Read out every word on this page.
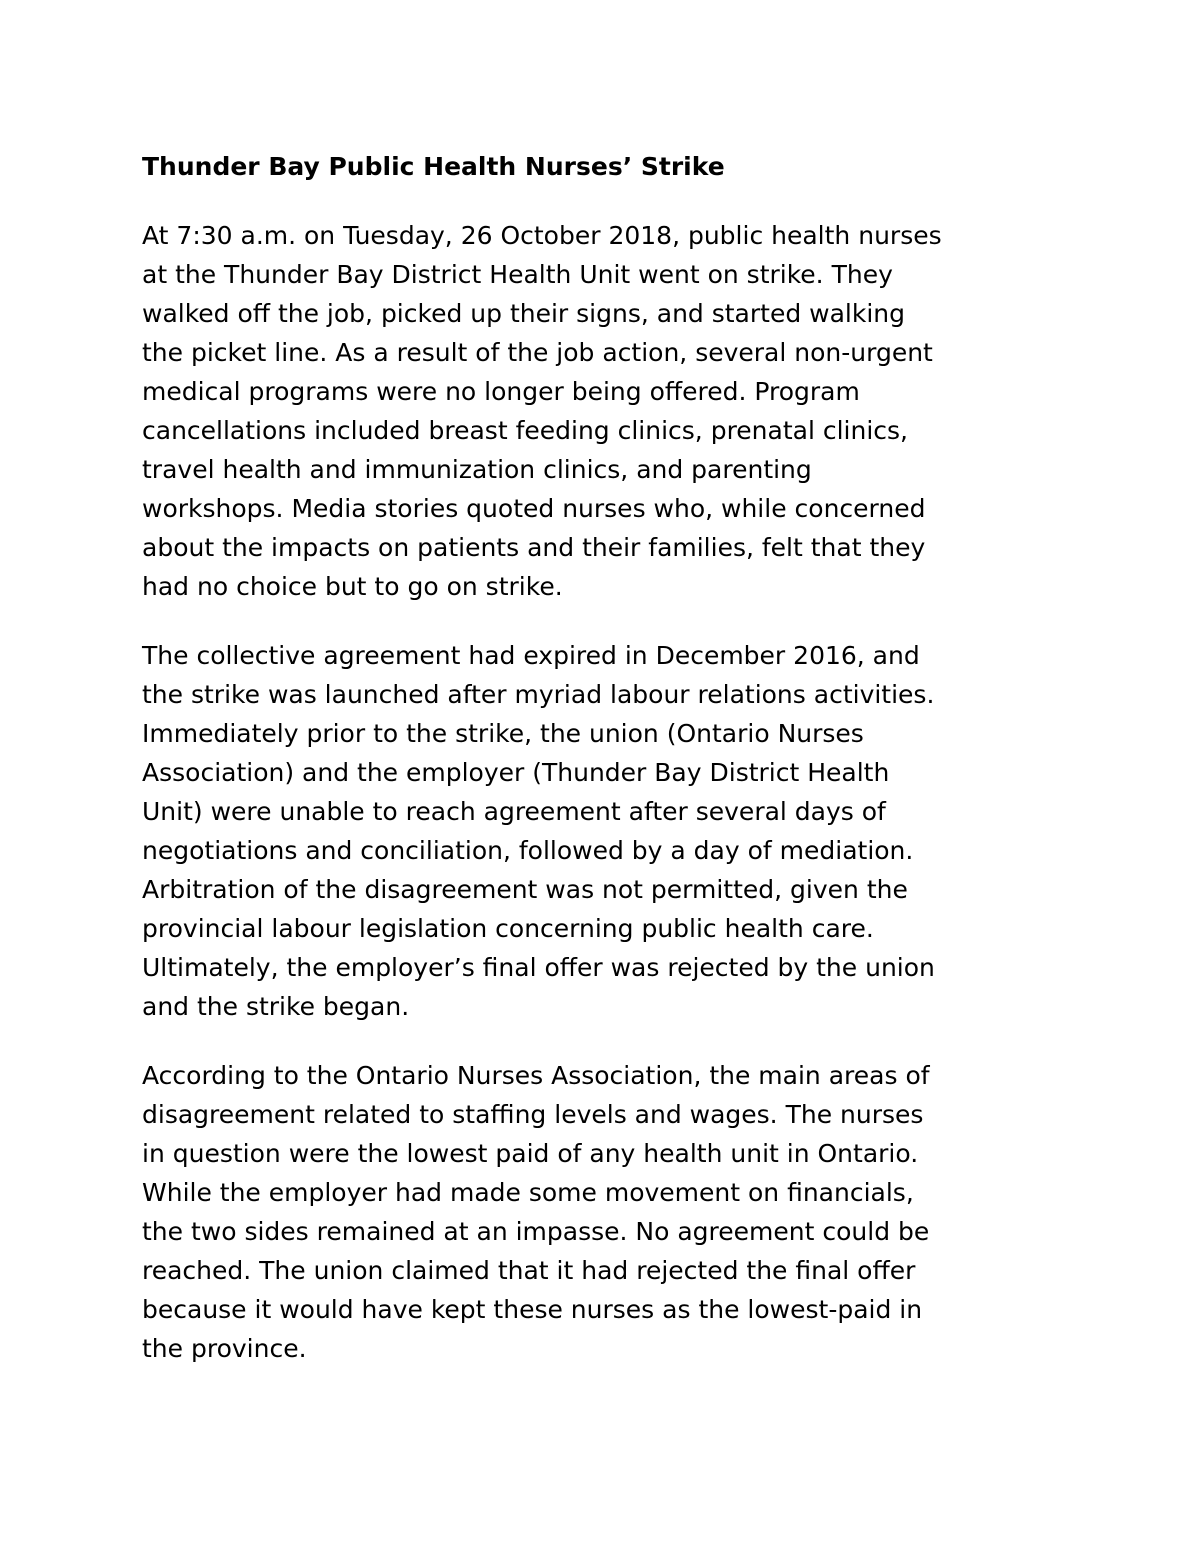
Thunder Bay Public Health Nurses’ Strike
At 7:30 a.m. on Tuesday, 26 October 2018, public health nurses
at the Thunder Bay District Health Unit went on strike. They
walked off the job, picked up their signs, and started walking
the picket line. As a result of the job action, several non-urgent
medical programs were no longer being offered. Program
cancellations included breast feeding clinics, prenatal clinics,
travel health and immunization clinics, and parenting
workshops. Media stories quoted nurses who, while concerned
about the impacts on patients and their families, felt that they
had no choice but to go on strike.
The collective agreement had expired in December 2016, and
the strike was launched after myriad labour relations activities.
Immediately prior to the strike, the union (Ontario Nurses
Association) and the employer (Thunder Bay District Health
Unit) were unable to reach agreement after several days of
negotiations and conciliation, followed by a day of mediation.
Arbitration of the disagreement was not permitted, given the
provincial labour legislation concerning public health care.
Ultimately, the employer’s final offer was rejected by the union
and the strike began.
According to the Ontario Nurses Association, the main areas of
disagreement related to staffing levels and wages. The nurses
in question were the lowest paid of any health unit in Ontario.
While the employer had made some movement on financials,
the two sides remained at an impasse. No agreement could be
reached. The union claimed that it had rejected the final offer
because it would have kept these nurses as the lowest-paid in
the province.
